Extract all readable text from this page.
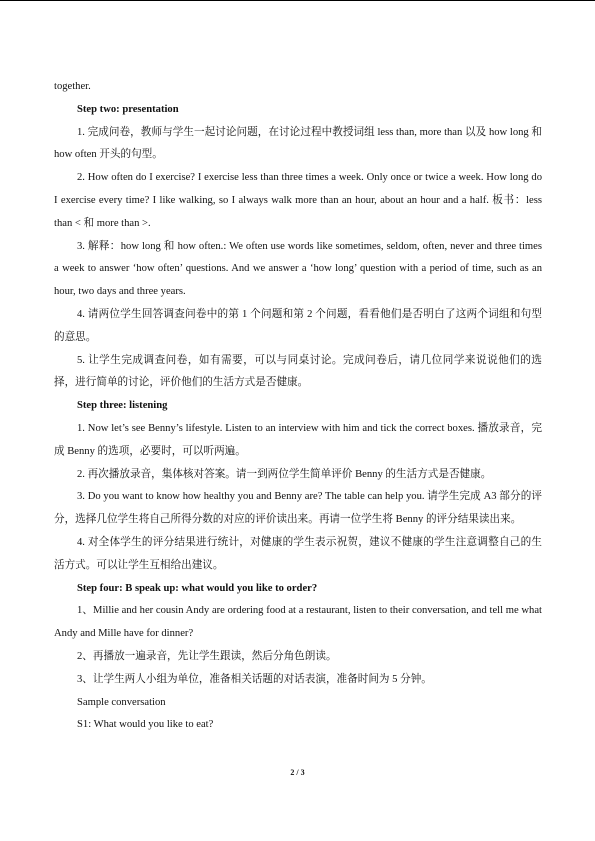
together.

Step two: presentation

1. 完成问卷，教师与学生一起讨论问题，在讨论过程中教授词组 less than, more than 以及 how long 和 how often 开头的句型。

2. How often do I exercise? I exercise less than three times a week. Only once or twice a week. How long do I exercise every time? I like walking, so I always walk more than an hour, about an hour and a half. 板书：less than < 和 more than >.

3. 解释：how long 和 how often.: We often use words like sometimes, seldom, often, never and three times a week to answer ‘how often’ questions. And we answer a ‘how long’ question with a period of time, such as an hour, two days and three years.

4. 请两位学生回答调查问卷中的第 1 个问题和第 2 个问题，看看他们是否明白了这两个词组和句型的意思。

5. 让学生完成调查问卷，如有需要，可以与同桌讨论。完成问卷后，请几位同学来说说他们的选择，进行简单的讨论，评价他们的生活方式是否健康。

Step three: listening

1. Now let’s see Benny’s lifestyle. Listen to an interview with him and tick the correct boxes. 播放录音，完成 Benny 的选项，必要时，可以听两遍。

2. 再次播放录音，集体核对答案。请一到两位学生简单评价 Benny 的生活方式是否健康。

3. Do you want to know how healthy you and Benny are? The table can help you. 请学生完成 A3 部分的评分，选择几位学生将自己所得分数的对应的评价读出来。再请一位学生将 Benny 的评分结果读出来。

4. 对全体学生的评分结果进行统计，对健康的学生表示祝贺，建议不健康的学生注意调整自己的生活方式。可以让学生互相给出建议。

Step four: B speak up: what would you like to order?

1、Millie and her cousin Andy are ordering food at a restaurant, listen to their conversation, and tell me what Andy and Mille have for dinner?

2、再播放一遍录音，先让学生跟读，然后分角色朗读。

3、让学生两人小组为单位，准备相关话题的对话表演，准备时间为 5 分钟。

Sample conversation

S1: What would you like to eat?

2 / 3
